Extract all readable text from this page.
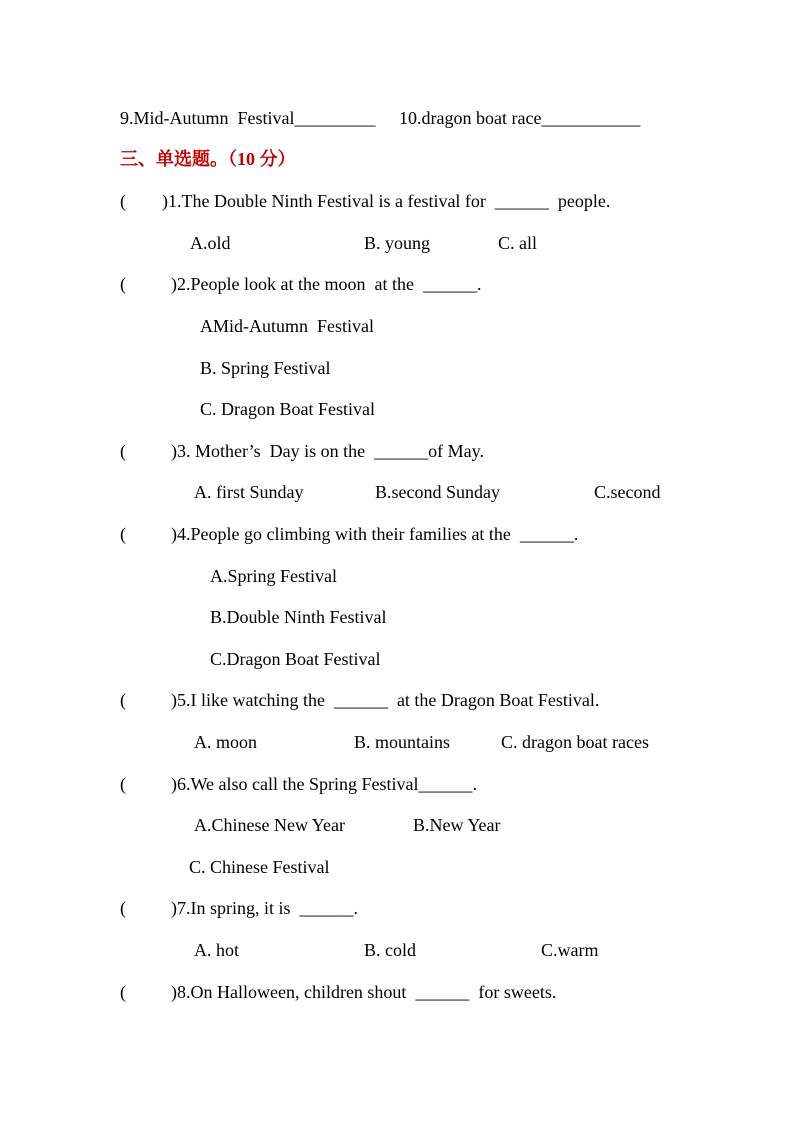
9.Mid-Autumn  Festival_________ 10.dragon boat race___________
三、单选题。（10 分）
(        )1.The Double Ninth Festival is a festival for  ______  people.
A.old	B. young	C. all
(          )2.People look at the moon  at the  ______.
AMid-Autumn  Festival
B. Spring Festival
C. Dragon Boat Festival
(          )3. Mother’s  Day is on the  ______of May.
A. first Sunday	B.second Sunday	C.second
(          )4.People go climbing with their families at the  ______.
A.Spring Festival
B.Double Ninth Festival
C.Dragon Boat Festival
(          )5.I like watching the  ______  at the Dragon Boat Festival.
A. moon	B. mountains	C. dragon boat races
(          )6.We also call the Spring Festival______.
A.Chinese New Year	B.New Year
C. Chinese Festival
(          )7.In spring, it is  ______.
A. hot	B. cold	C.warm
(          )8.On Halloween, children shout  ______  for sweets.
